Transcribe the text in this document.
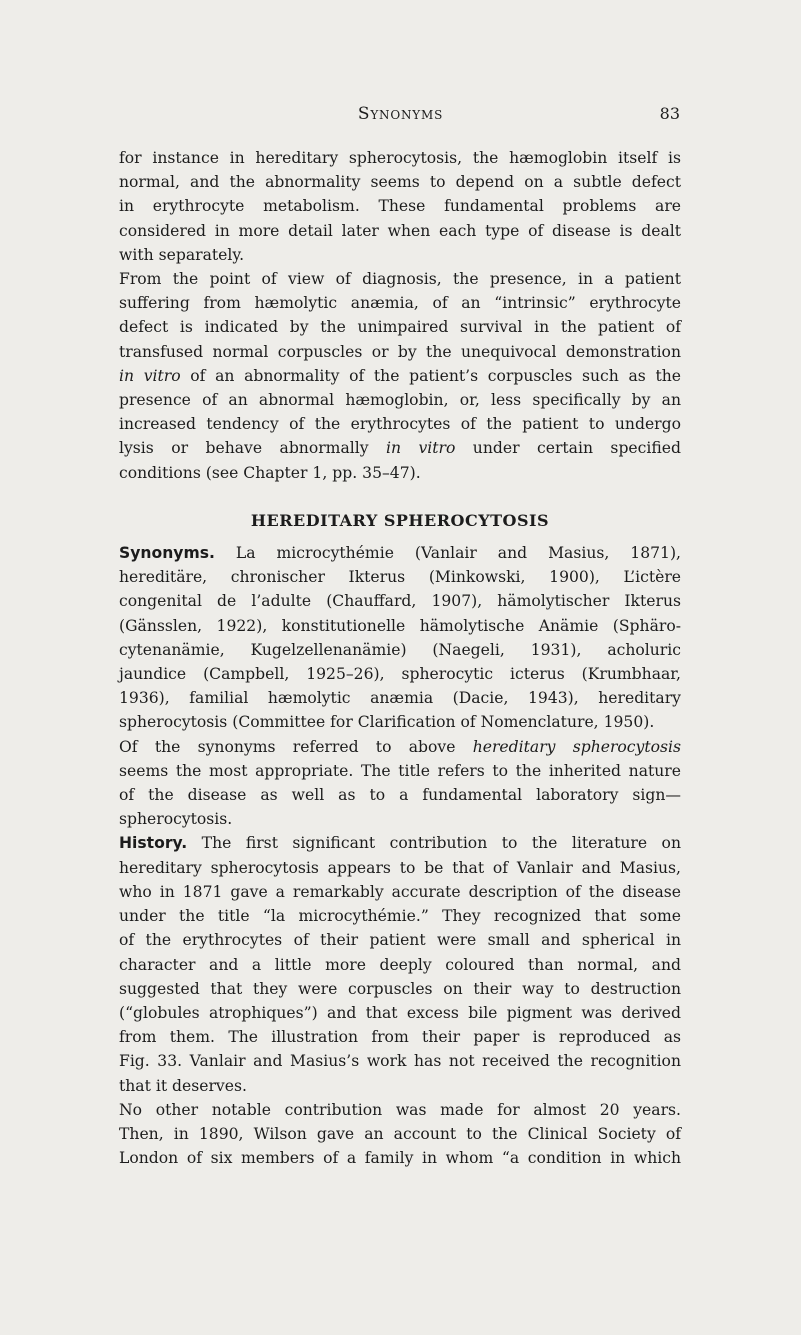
Synonyms	83

for instance in hereditary spherocytosis, the hæmoglobin itself is
normal, and the abnormality seems to depend on a subtle defect
in erythrocyte metabolism. These fundamental problems are
considered in more detail later when each type of disease is dealt
with separately.

From the point of view of diagnosis, the presence, in a patient
suffering from hæmolytic anæmia, of an “intrinsic” erythrocyte
defect is indicated by the unimpaired survival in the patient of
transfused normal corpuscles or by the unequivocal demonstration
in vitro of an abnormality of the patient’s corpuscles such as the
presence of an abnormal hæmoglobin, or, less specifically by an
increased tendency of the erythrocytes of the patient to undergo
lysis or behave abnormally in vitro under certain specified
conditions (see Chapter 1, pp. 35–47).

HEREDITARY SPHEROCYTOSIS

Synonyms. La microcythémie (Vanlair and Masius, 1871),
hereditäre, chronischer Ikterus (Minkowski, 1900), L’ictère
congenital de l’adulte (Chauffard, 1907), hämolytischer Ikterus
(Gänsslen, 1922), konstitutionelle hämolytische Anämie (Sphäro-
cytenanämie, Kugelzellenanämie) (Naegeli, 1931), acholuric
jaundice (Campbell, 1925–26), spherocytic icterus (Krumbhaar,
1936), familial hæmolytic anæmia (Dacie, 1943), hereditary
spherocytosis (Committee for Clarification of Nomenclature, 1950).

Of the synonyms referred to above hereditary spherocytosis
seems the most appropriate. The title refers to the inherited nature
of the disease as well as to a fundamental laboratory sign—
spherocytosis.

History. The first significant contribution to the literature on
hereditary spherocytosis appears to be that of Vanlair and Masius,
who in 1871 gave a remarkably accurate description of the disease
under the title “la microcythémie.” They recognized that some
of the erythrocytes of their patient were small and spherical in
character and a little more deeply coloured than normal, and
suggested that they were corpuscles on their way to destruction
(“globules atrophiques”) and that excess bile pigment was derived
from them. The illustration from their paper is reproduced as
Fig. 33. Vanlair and Masius’s work has not received the recognition
that it deserves.

No other notable contribution was made for almost 20 years.
Then, in 1890, Wilson gave an account to the Clinical Society of
London of six members of a family in whom “a condition in which
